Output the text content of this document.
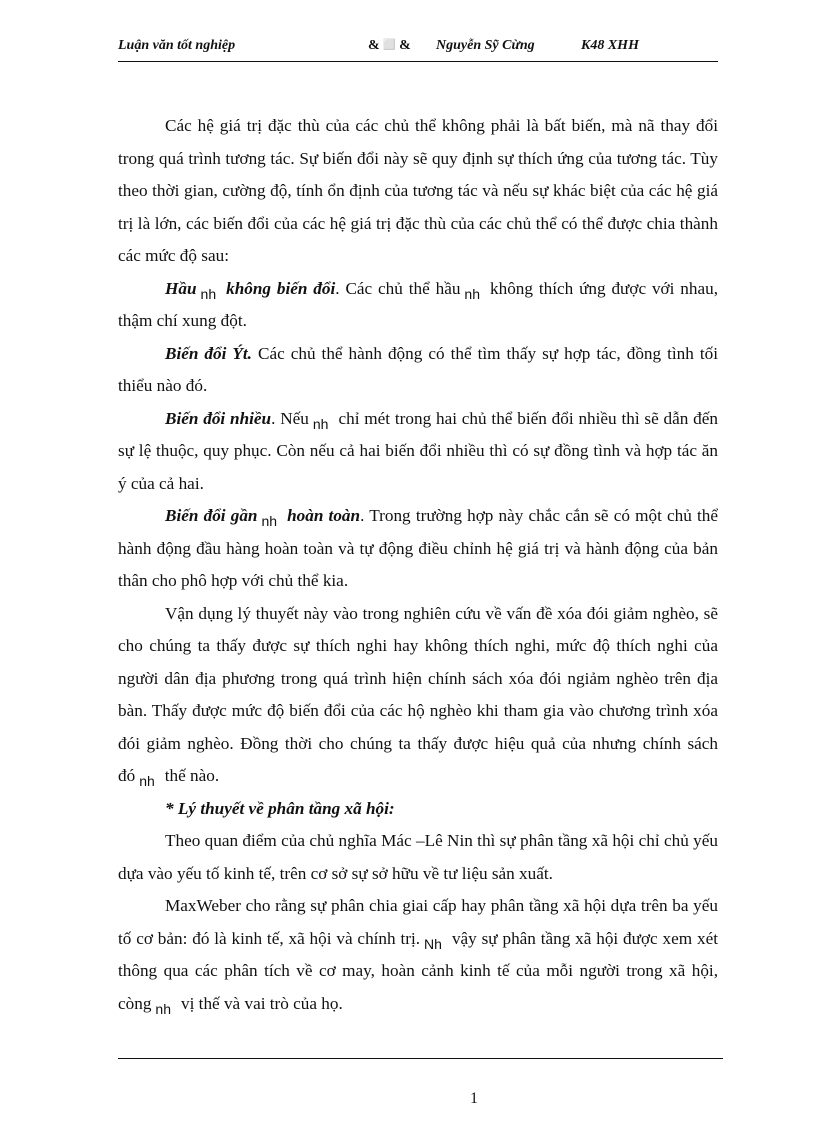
Luận văn tốt nghiệp	&◻️& Nguyễn Sỹ Cừng	K48 XHH

Các hệ giá trị đặc thù của các chủ thể không phải là bất biến, mà nã thay đổi trong quá trình tương tác. Sự biến đổi này sẽ quy định sự thích ứng của tương tác. Tùy theo thời gian, cường độ, tính ổn định của tương tác và nếu sự khác biệt của các hệ giá trị là lớn, các biến đổi của các hệ giá trị đặc thù của các chủ thể có thể được chia thành các mức độ sau:

Hầu $_{nh}$ không biến đổi. Các chủ thể hầu $_{nh}$ không thích ứng được với nhau, thậm chí xung đột.

Biến đổi Ýt. Các chủ thể hành động có thể tìm thấy sự hợp tác, đồng tình tối thiểu nào đó.

Biến đổi nhiều. Nếu $_{nh}$ chỉ mét trong hai chủ thể biến đổi nhiều thì sẽ dẫn đến sự lệ thuộc, quy phục. Còn nếu cả hai biến đổi nhiều thì có sự đồng tình và hợp tác ăn ý của cả hai.

Biến đổi gần $_{nh}$ hoàn toàn. Trong trường hợp này chắc cắn sẽ có một chủ thể hành động đầu hàng hoàn toàn và tự động điều chỉnh hệ giá trị và hành động của bản thân cho phô hợp với chủ thể kia.

Vận dụng lý thuyết này vào trong nghiên cứu về vấn đề xóa đói giảm nghèo, sẽ cho chúng ta thấy được sự thích nghi hay không thích nghi, mức độ thích nghi của người dân địa phương trong quá trình hiện chính sách xóa đói ngiảm nghèo trên địa bàn. Thấy được mức độ biến đổi của các hộ nghèo khi tham gia vào chương trình xóa đói giảm nghèo. Đồng thời cho chúng ta thấy được hiệu quả của nhưng chính sách đó $_{nh}$ thế nào.

* Lý thuyết về phân tầng xã hội:

Theo quan điểm của chủ nghĩa Mác –Lê Nin thì sự phân tầng xã hội chỉ chủ yếu dựa vào yếu tố kinh tế, trên cơ sở sự sở hữu về tư liệu sản xuất.

MaxWeber cho rằng sự phân chia giai cấp hay phân tầng xã hội dựa trên ba yếu tố cơ bản: đó là kinh tế, xã hội và chính trị. $_{Nh}$ vậy sự phân tầng xã hội được xem xét thông qua các phân tích về cơ may, hoàn cảnh kinh tế của mỗi người trong xã hội, còng $_{nh}$ vị thế và vai trò của họ.

1
